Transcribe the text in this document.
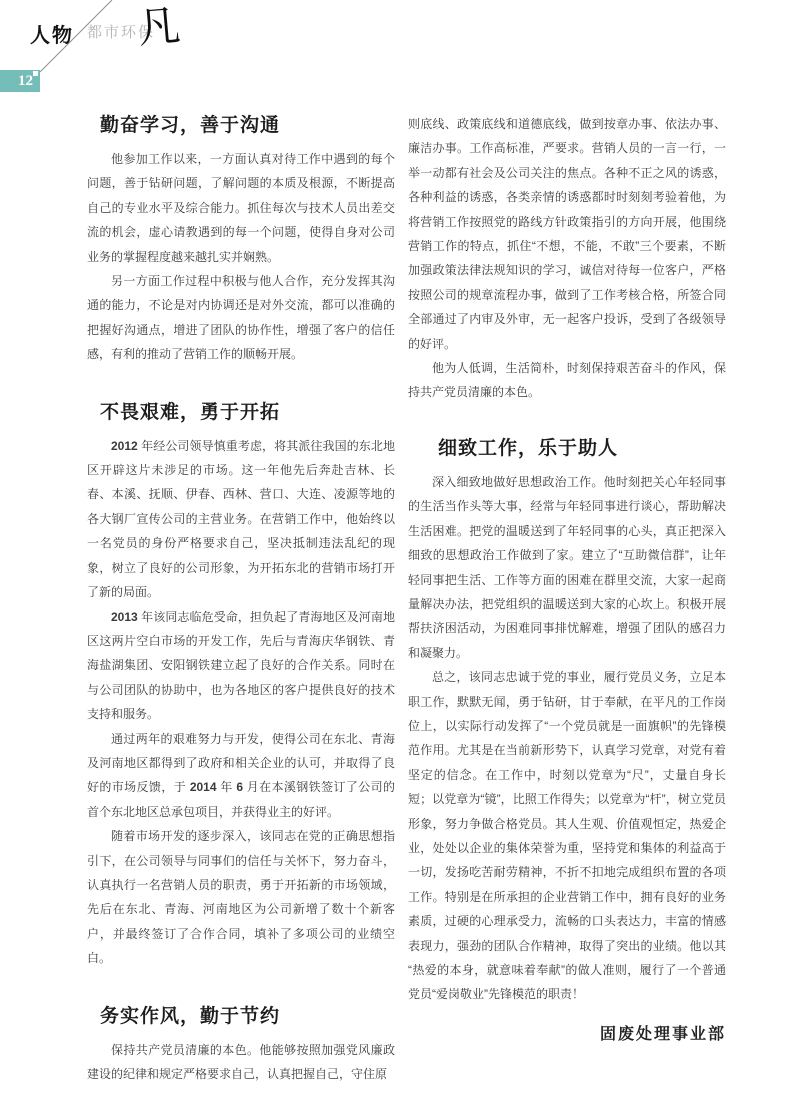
人物 都市环保
凡
12
勤奋学习，善于沟通

他参加工作以来，一方面认真对待工作中遇到的每个问题，善于钻研问题，了解问题的本质及根源，不断提高自己的专业水平及综合能力。抓住每次与技术人员出差交流的机会，虚心请教遇到的每一个问题，使得自身对公司业务的掌握程度越来越扎实并娴熟。

另一方面工作过程中积极与他人合作，充分发挥其沟通的能力，不论是对内协调还是对外交流，都可以准确的把握好沟通点，增进了团队的协作性，增强了客户的信任感，有利的推动了营销工作的顺畅开展。

不畏艰难，勇于开拓

2012 年经公司领导慎重考虑，将其派往我国的东北地区开辟这片未涉足的市场。这一年他先后奔赴吉林、长春、本溪、抚顺、伊春、西林、营口、大连、凌源等地的各大钢厂宣传公司的主营业务。在营销工作中，他始终以一名党员的身份严格要求自己，坚决抵制违法乱纪的现象，树立了良好的公司形象，为开拓东北的营销市场打开了新的局面。

2013 年该同志临危受命，担负起了青海地区及河南地区这两片空白市场的开发工作，先后与青海庆华钢铁、青海盐湖集团、安阳钢铁建立起了良好的合作关系。同时在与公司团队的协助中，也为各地区的客户提供良好的技术支持和服务。

通过两年的艰难努力与开发，使得公司在东北、青海及河南地区都得到了政府和相关企业的认可，并取得了良好的市场反馈，于 2014 年 6 月在本溪钢铁签订了公司的首个东北地区总承包项目，并获得业主的好评。

随着市场开发的逐步深入，该同志在党的正确思想指引下，在公司领导与同事们的信任与关怀下，努力奋斗，认真执行一名营销人员的职责，勇于开拓新的市场领域，先后在东北、青海、河南地区为公司新增了数十个新客户，并最终签订了合作合同，填补了多项公司的业绩空白。

务实作风，勤于节约

保持共产党员清廉的本色。他能够按照加强党风廉政建设的纪律和规定严格要求自己，认真把握自己，守住原

则底线、政策底线和道德底线，做到按章办事、依法办事、廉洁办事。工作高标准，严要求。营销人员的一言一行，一举一动都有社会及公司关注的焦点。各种不正之风的诱惑，各种利益的诱惑，各类亲情的诱惑都时时刻刻考验着他，为将营销工作按照党的路线方针政策指引的方向开展，他围绕营销工作的特点，抓住“不想，不能，不敢”三个要素，不断加强政策法律法规知识的学习，诚信对待每一位客户，严格按照公司的规章流程办事，做到了工作考核合格，所签合同全部通过了内审及外审，无一起客户投诉，受到了各级领导的好评。

他为人低调，生活简朴，时刻保持艰苦奋斗的作风，保持共产党员清廉的本色。

细致工作，乐于助人

深入细致地做好思想政治工作。他时刻把关心年轻同事的生活当作头等大事，经常与年轻同事进行谈心，帮助解决生活困难。把党的温暖送到了年轻同事的心头，真正把深入细致的思想政治工作做到了家。建立了“互助微信群”，让年轻同事把生活、工作等方面的困难在群里交流，大家一起商量解决办法，把党组织的温暖送到大家的心坎上。积极开展帮扶济困活动，为困难同事排忧解难，增强了团队的感召力和凝聚力。

总之，该同志忠诚于党的事业，履行党员义务，立足本职工作，默默无闻，勇于钻研，甘于奉献，在平凡的工作岗位上，以实际行动发挥了“一个党员就是一面旗帜”的先锋模范作用。尤其是在当前新形势下，认真学习党章，对党有着坚定的信念。在工作中，时刻以党章为“尺”，丈量自身长短；以党章为“镜”，比照工作得失；以党章为“杆”，树立党员形象，努力争做合格党员。其人生观、价值观恒定，热爱企业，处处以企业的集体荣誉为重，坚持党和集体的利益高于一切，发扬吃苦耐劳精神，不折不扣地完成组织布置的各项工作。特别是在所承担的企业营销工作中，拥有良好的业务素质，过硬的心理承受力，流畅的口头表达力，丰富的情感表现力，强劲的团队合作精神，取得了突出的业绩。他以其“热爱的本身，就意味着奉献”的做人准则，履行了一个普通党员“爱岗敬业”先锋模范的职责！

固废处理事业部
